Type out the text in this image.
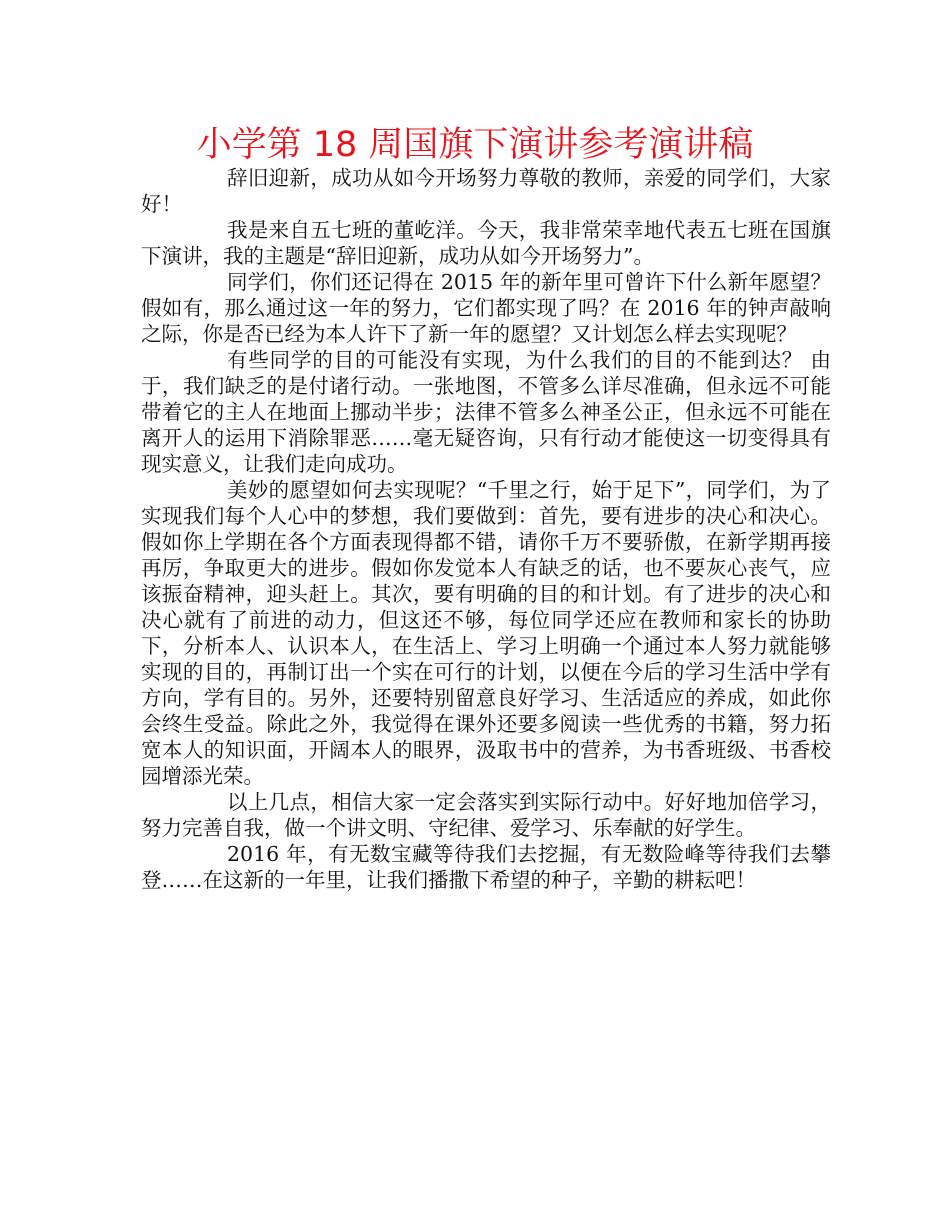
小学第 18 周国旗下演讲参考演讲稿

辞旧迎新，成功从如今开场努力尊敬的教师，亲爱的同学们，大家好！

我是来自五七班的董屹洋。今天，我非常荣幸地代表五七班在国旗下演讲，我的主题是“辞旧迎新，成功从如今开场努力”。

同学们，你们还记得在 2015 年的新年里可曾许下什么新年愿望？假如有，那么通过这一年的努力，它们都实现了吗？在 2016 年的钟声敲响之际，你是否已经为本人许下了新一年的愿望？又计划怎么样去实现呢？

有些同学的目的可能没有实现，为什么我们的目的不能到达？ 由于，我们缺乏的是付诸行动。一张地图，不管多么详尽准确，但永远不可能带着它的主人在地面上挪动半步；法律不管多么神圣公正，但永远不可能在离开人的运用下消除罪恶……毫无疑咨询，只有行动才能使这一切变得具有现实意义，让我们走向成功。

美妙的愿望如何去实现呢？“千里之行，始于足下”，同学们，为了实现我们每个人心中的梦想，我们要做到：首先，要有进步的决心和决心。假如你上学期在各个方面表现得都不错，请你千万不要骄傲，在新学期再接再厉，争取更大的进步。假如你发觉本人有缺乏的话，也不要灰心丧气，应该振奋精神，迎头赶上。其次，要有明确的目的和计划。有了进步的决心和决心就有了前进的动力，但这还不够，每位同学还应在教师和家长的协助下，分析本人、认识本人，在生活上、学习上明确一个通过本人努力就能够实现的目的，再制订出一个实在可行的计划，以便在今后的学习生活中学有方向，学有目的。另外，还要特别留意良好学习、生活适应的养成，如此你会终生受益。除此之外，我觉得在课外还要多阅读一些优秀的书籍，努力拓宽本人的知识面，开阔本人的眼界，汲取书中的营养，为书香班级、书香校园增添光荣。

以上几点，相信大家一定会落实到实际行动中。好好地加倍学习，努力完善自我，做一个讲文明、守纪律、爱学习、乐奉献的好学生。

2016 年，有无数宝藏等待我们去挖掘，有无数险峰等待我们去攀登……在这新的一年里，让我们播撒下希望的种子，辛勤的耕耘吧！
